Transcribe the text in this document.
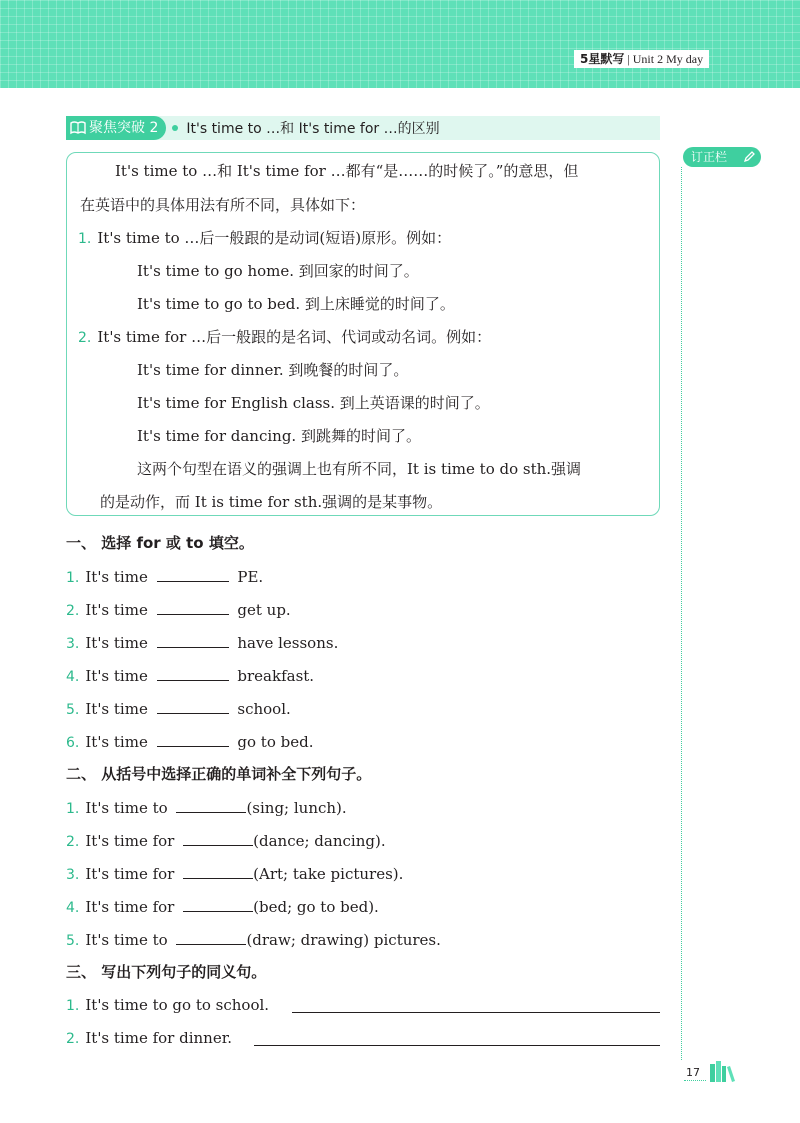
5星默写 | Unit 2 My day
聚焦突破 2 It's time to …和 It's time for …的区别
订正栏
It's time to …和 It's time for …都有“是……的时候了。”的意思，但
在英语中的具体用法有所不同，具体如下：
1. It's time to …后一般跟的是动词(短语)原形。例如：
It's time to go home. 到回家的时间了。
It's time to go to bed. 到上床睡觉的时间了。
2. It's time for …后一般跟的是名词、代词或动名词。例如：
It's time for dinner. 到晚餐的时间了。
It's time for English class. 到上英语课的时间了。
It's time for dancing. 到跳舞的时间了。
这两个句型在语义的强调上也有所不同，It is time to do sth.强调
的是动作，而 It is time for sth.强调的是某事物。
一、 选择 for 或 to 填空。
1. It's time	PE.
2. It's time	get up.
3. It's time	have lessons.
4. It's time	breakfast.
5. It's time	school.
6. It's time	go to bed.
二、 从括号中选择正确的单词补全下列句子。
1. It's time to	(sing; lunch).
2. It's time for	(dance; dancing).
3. It's time for	(Art; take pictures).
4. It's time for	(bed; go to bed).
5. It's time to	(draw; drawing) pictures.
三、 写出下列句子的同义句。
1. It's time to go to school.
2. It's time for dinner.
17
